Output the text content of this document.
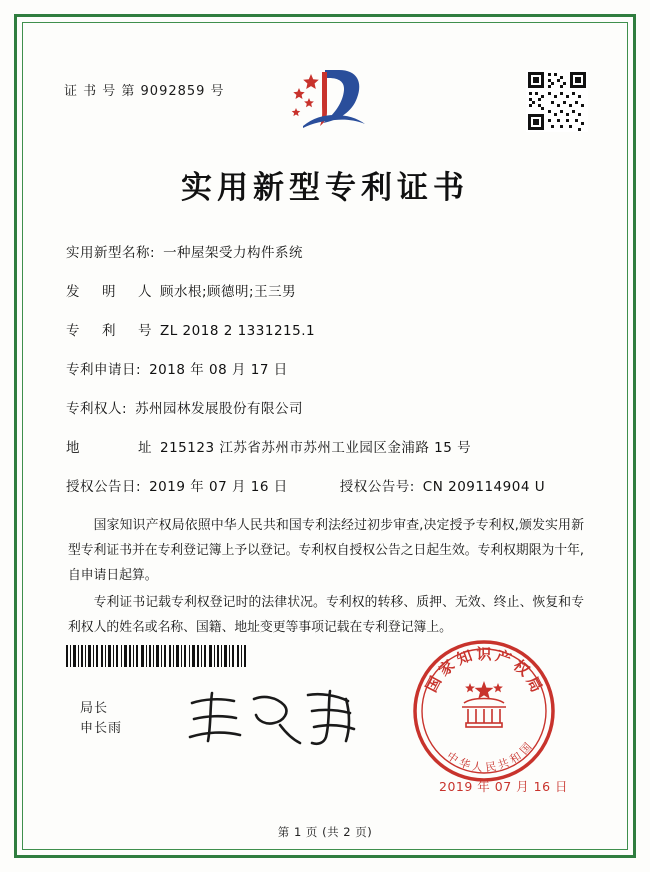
证 书 号 第 9092859 号
实用新型专利证书
实用新型名称: 一种屋架受力构件系统
发明人 顾水根;顾德明;王三男
专利号 ZL 2018 2 1331215.1
专利申请日: 2018 年 08 月 17 日
专利权人: 苏州园林发展股份有限公司
地址 215123 江苏省苏州市苏州工业园区金浦路 15 号
授权公告日: 2019 年 07 月 16 日	授权公告号: CN 209114904 U

国家知识产权局依照中华人民共和国专利法经过初步审查,决定授予专利权,颁发实用新型专利证书并在专利登记簿上予以登记。专利权自授权公告之日起生效。专利权期限为十年,自申请日起算。

专利证书记载专利权登记时的法律状况。专利权的转移、质押、无效、终止、恢复和专利权人的姓名或名称、国籍、地址变更等事项记载在专利登记簿上。

局长
申长雨
国
家
知 识 产
权
局
中
华
人 民
共
和
国
2019 年 07 月 16 日
第 1 页 (共 2 页)
